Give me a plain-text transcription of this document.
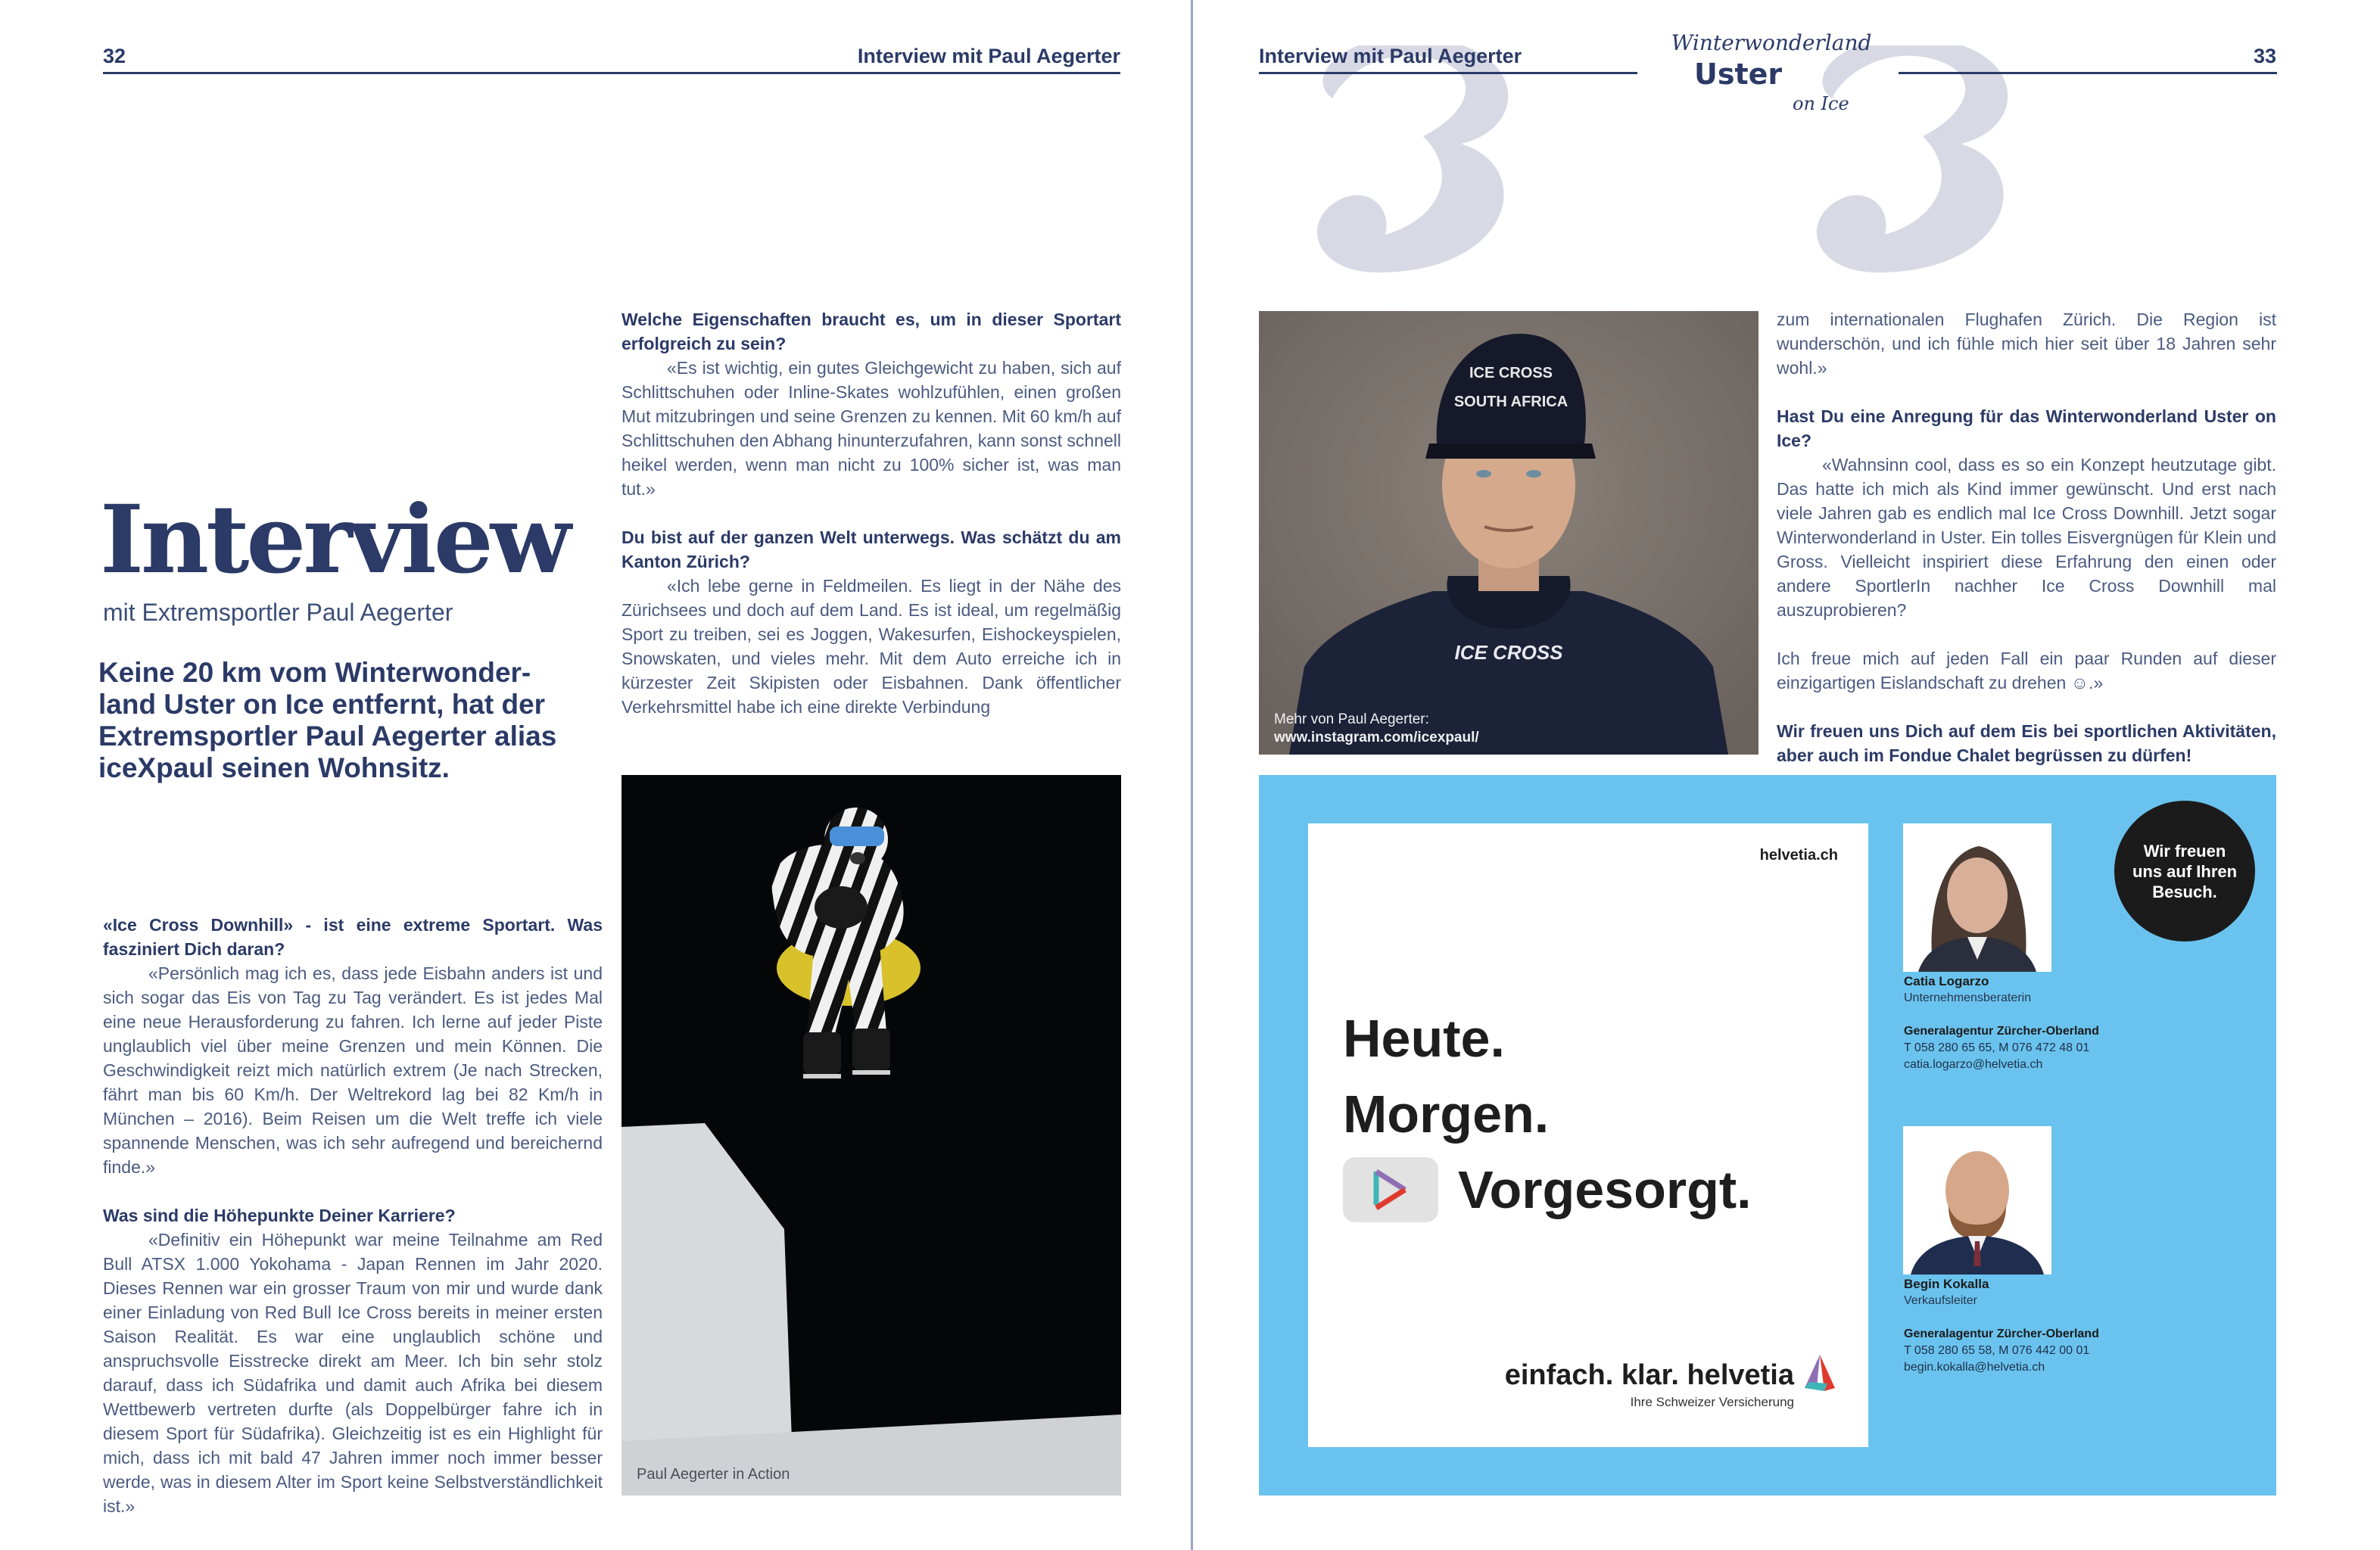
32	Interview mit Paul Aegerter
Interview
mit Extremsportler Paul Aegerter
Keine 20 km vom Winterwonder-land Uster on Ice entfernt, hat der Extremsportler Paul Aegerter alias iceXpaul seinen Wohnsitz.

«Ice Cross Downhill» - ist eine extreme Sportart. Was fasziniert Dich daran?

«Persönlich mag ich es, dass jede Eisbahn anders ist und sich sogar das Eis von Tag zu Tag verändert. Es ist jedes Mal eine neue Herausforderung zu fahren. Ich lerne auf jeder Piste unglaublich viel über meine Grenzen und mein Können. Die Geschwindigkeit reizt mich natürlich extrem (Je nach Strecken, fährt man bis 60 Km/h. Der Weltrekord lag bei 82 Km/h in München – 2016). Beim Reisen um die Welt treffe ich viele spannende Menschen, was ich sehr aufregend und bereichernd finde.»

Was sind die Höhepunkte Deiner Karriere?

«Definitiv ein Höhepunkt war meine Teilnahme am Red Bull ATSX 1.000 Yokohama - Japan Rennen im Jahr 2020. Dieses Rennen war ein grosser Traum von mir und wurde dank einer Einladung von Red Bull Ice Cross bereits in meiner ersten Saison Realität. Es war eine unglaublich schöne und anspruchsvolle Eisstrecke direkt am Meer. Ich bin sehr stolz darauf, dass ich Südafrika und damit auch Afrika bei diesem Wettbewerb vertreten durfte (als Doppelbürger fahre ich in diesem Sport für Südafrika). Gleichzeitig ist es ein Highlight für mich, dass ich mit bald 47 Jahren immer noch immer besser werde, was in diesem Alter im Sport keine Selbstverständlichkeit ist.»

Welche Eigenschaften braucht es, um in dieser Sportart erfolgreich zu sein?

«Es ist wichtig, ein gutes Gleichgewicht zu haben, sich auf Schlittschuhen oder Inline-Skates wohlzufühlen, einen großen Mut mitzubringen und seine Grenzen zu kennen. Mit 60 km/h auf Schlittschuhen den Abhang hinunterzufahren, kann sonst schnell heikel werden, wenn man nicht zu 100% sicher ist, was man tut.»

Du bist auf der ganzen Welt unterwegs. Was schätzt du am Kanton Zürich?

«Ich lebe gerne in Feldmeilen. Es liegt in der Nähe des Zürichsees und doch auf dem Land. Es ist ideal, um regelmäßig Sport zu treiben, sei es Joggen, Wakesurfen, Eishockeyspielen, Snowskaten, und vieles mehr. Mit dem Auto erreiche ich in kürzester Zeit Skipisten oder Eisbahnen. Dank öffentlicher Verkehrsmittel habe ich eine direkte Verbindung

Paul Aegerter in Action
Interview mit Paul Aegerter	33
Winterwonderland
Uster
on Ice
ICE CROSS
SOUTH AFRICA
ICE CROSS
Mehr von Paul Aegerter:
www.instagram.com/icexpaul/

zum internationalen Flughafen Zürich. Die Region ist wunderschön, und ich fühle mich hier seit über 18 Jahren sehr wohl.»

Hast Du eine Anregung für das Winterwonderland Uster on Ice?

«Wahnsinn cool, dass es so ein Konzept heutzutage gibt. Das hatte ich mich als Kind immer gewünscht. Und erst nach viele Jahren gab es endlich mal Ice Cross Downhill. Jetzt sogar Winterwonderland in Uster. Ein tolles Eisvergnügen für Klein und Gross. Vielleicht inspiriert diese Erfahrung den einen oder andere SportlerIn nachher Ice Cross Downhill mal auszuprobieren?

Ich freue mich auf jeden Fall ein paar Runden auf dieser einzigartigen Eislandschaft zu drehen ☺.»

Wir freuen uns Dich auf dem Eis bei sportlichen Aktivitäten, aber auch im Fondue Chalet begrüssen zu dürfen!

helvetia.ch
Heute.
Morgen.
Vorgesorgt.
einfach. klar. helvetia
Ihre Schweizer Versicherung
Catia Logarzo
Unternehmensberaterin
Generalagentur Zürcher-Oberland
T 058 280 65 65, M 076 472 48 01
catia.logarzo@helvetia.ch
Begin Kokalla
Verkaufsleiter
Generalagentur Zürcher-Oberland
T 058 280 65 58, M 076 442 00 01
begin.kokalla@helvetia.ch
Wir freuen
uns auf Ihren
Besuch.
